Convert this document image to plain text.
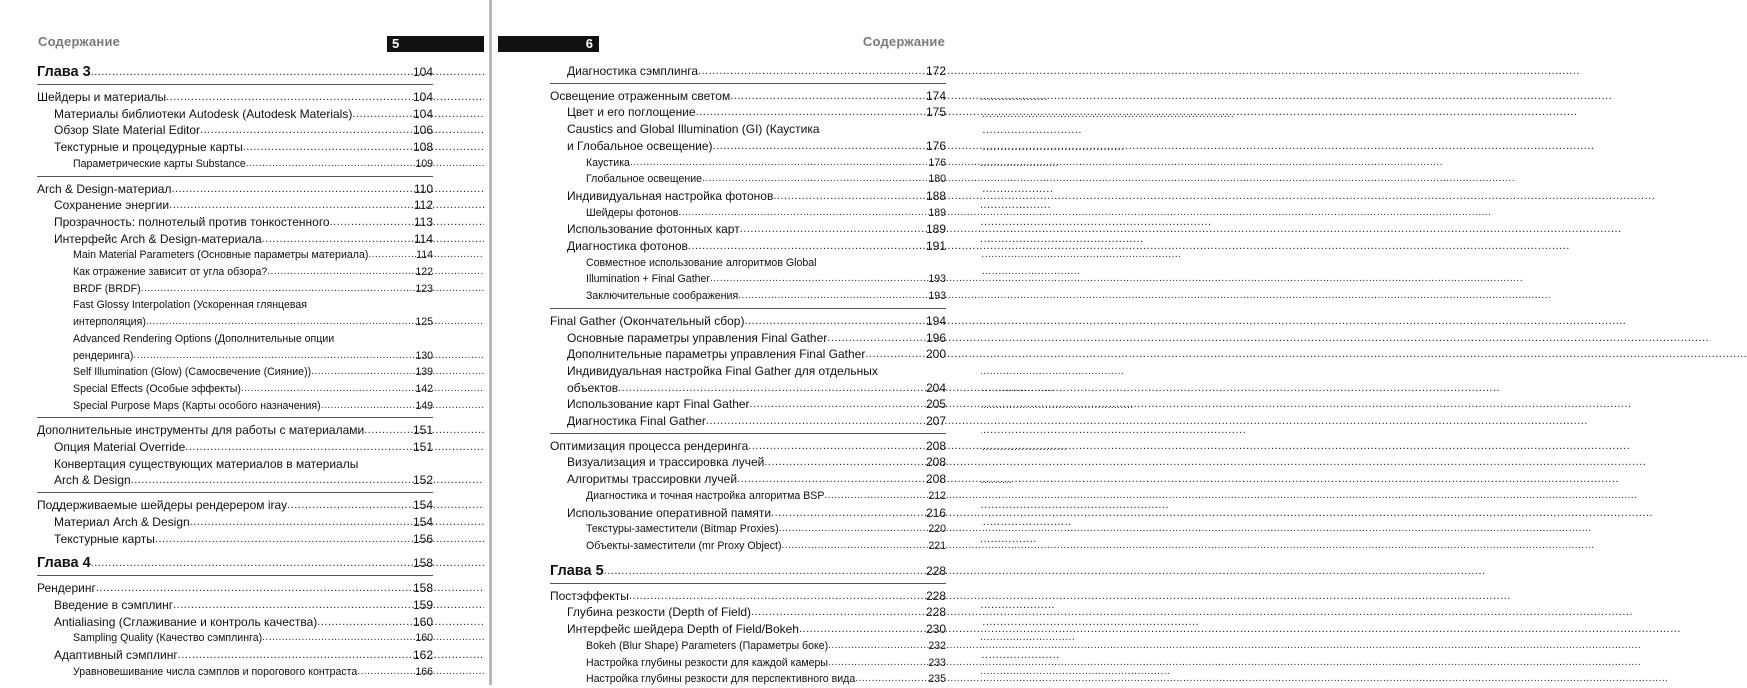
Содержание	5
Глава 3 .....	104
Шейдеры и материалы .....	104
Материалы библиотеки Autodesk (Autodesk Materials) .....	104
Обзор Slate Material Editor .....	106
Текстурные и процедурные карты .....	108
Параметрические карты Substance .....	109
Arch & Design-материал .....	110
Сохранение энергии .....	112
Прозрачность: полнотелый против тонкостенного .....	113
Интерфейс Arch & Design-материала .....	114
Main Material Parameters (Основные параметры материала) .....	114
Как отражение зависит от угла обзора? .....	122
BRDF (BRDF) .....	123
Fast Glossy Interpolation (Ускоренная глянцевая
интерполяция) .....	125
Advanced Rendering Options (Дополнительные опции
рендеринга) .....	130
Self Illumination (Glow) (Самосвечение (Сияние)) .....	139
Special Effects (Особые эффекты) .....	142
Special Purpose Maps (Карты особого назначения) .....	149
Дополнительные инструменты для работы с материалами .....	151
Опция Material Override .....	151
Конвертация существующих материалов в материалы
Arch & Design .....	152
Поддерживаемые шейдеры рендерером iray .....	154
Материал Arch & Design .....	154
Текстурные карты .....	156
Глава 4 .....	158
Рендеринг .....	158
Введение в сэмплинг .....	159
Antialiasing (Сглаживание и контроль качества) .....	160
Sampling Quality (Качество сэмплинга) .....	160
Адаптивный сэмплинг .....	162
Уравновешивание числа сэмплов и порогового контраста .....	166
Содержание
6
Диагностика сэмплинга .....	172
Освещение отраженным светом .....	174
Цвет и его поглощение .....	175
Caustics and Global Illumination (GI) (Каустика
и Глобальное освещение) .....	176
Каустика .....	176
Глобальное освещение .....	180
Индивидуальная настройка фотонов .....	188
Шейдеры фотонов .....	189
Использование фотонных карт .....	189
Диагностика фотонов .....	191
Совместное использование алгоритмов Global
Illumination + Final Gather .....	193
Заключительные соображения .....	193
Final Gather (Окончательный сбор) .....	194
Основные параметры управления Final Gather .....	196
Дополнительные параметры управления Final Gather .....	200
Индивидуальная настройка Final Gather для отдельных
объектов .....	204
Использование карт Final Gather .....	205
Диагностика Final Gather .....	207
Оптимизация процесса рендеринга .....	208
Визуализация и трассировка лучей .....	208
Алгоритмы трассировки лучей .....	208
Диагностика и точная настройка алгоритма BSP .....	212
Использование оперативной памяти .....	216
Текстуры-заместители (Bitmap Proxies) .....	220
Объекты-заместители (mr Proxy Object) .....	221
Глава 5 .....	228
Постэффекты .....	228
Глубина резкости (Depth of Field) .....	228
Интерфейс шейдера Depth of Field/Bokeh .....	230
Bokeh (Blur Shape) Parameters (Параметры боке) .....	232
Настройка глубины резкости для каждой камеры .....	233
Настройка глубины резкости для перспективного вида .....	235
